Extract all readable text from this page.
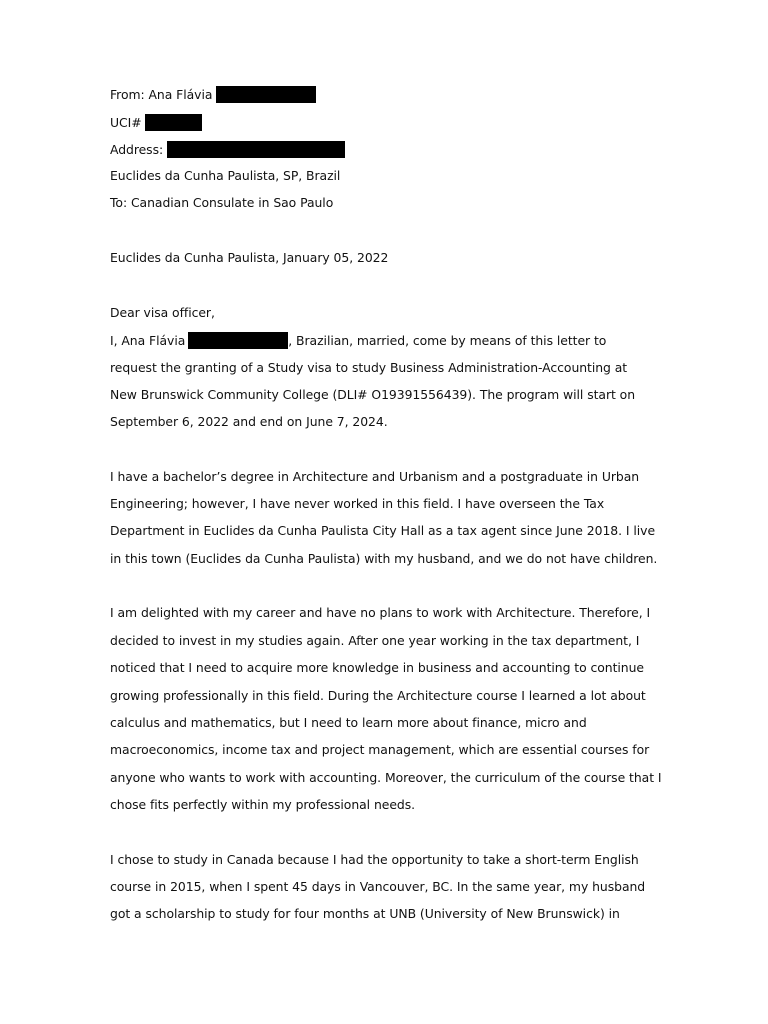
From: Ana Flávia
UCI#
Address:
Euclides da Cunha Paulista, SP, Brazil
To: Canadian Consulate in Sao Paulo
Euclides da Cunha Paulista, January 05, 2022
Dear visa officer,
I, Ana Flávia	, Brazilian, married, come by means of this letter to
request the granting of a Study visa to study Business Administration-Accounting at
New Brunswick Community College (DLI# O19391556439). The program will start on
September 6, 2022 and end on June 7, 2024.
I have a bachelor’s degree in Architecture and Urbanism and a postgraduate in Urban
Engineering; however, I have never worked in this field. I have overseen the Tax
Department in Euclides da Cunha Paulista City Hall as a tax agent since June 2018. I live
in this town (Euclides da Cunha Paulista) with my husband, and we do not have children.
I am delighted with my career and have no plans to work with Architecture. Therefore, I
decided to invest in my studies again. After one year working in the tax department, I
noticed that I need to acquire more knowledge in business and accounting to continue
growing professionally in this field. During the Architecture course I learned a lot about
calculus and mathematics, but I need to learn more about finance, micro and
macroeconomics, income tax and project management, which are essential courses for
anyone who wants to work with accounting. Moreover, the curriculum of the course that I
chose fits perfectly within my professional needs.
I chose to study in Canada because I had the opportunity to take a short-term English
course in 2015, when I spent 45 days in Vancouver, BC. In the same year, my husband
got a scholarship to study for four months at UNB (University of New Brunswick) in
